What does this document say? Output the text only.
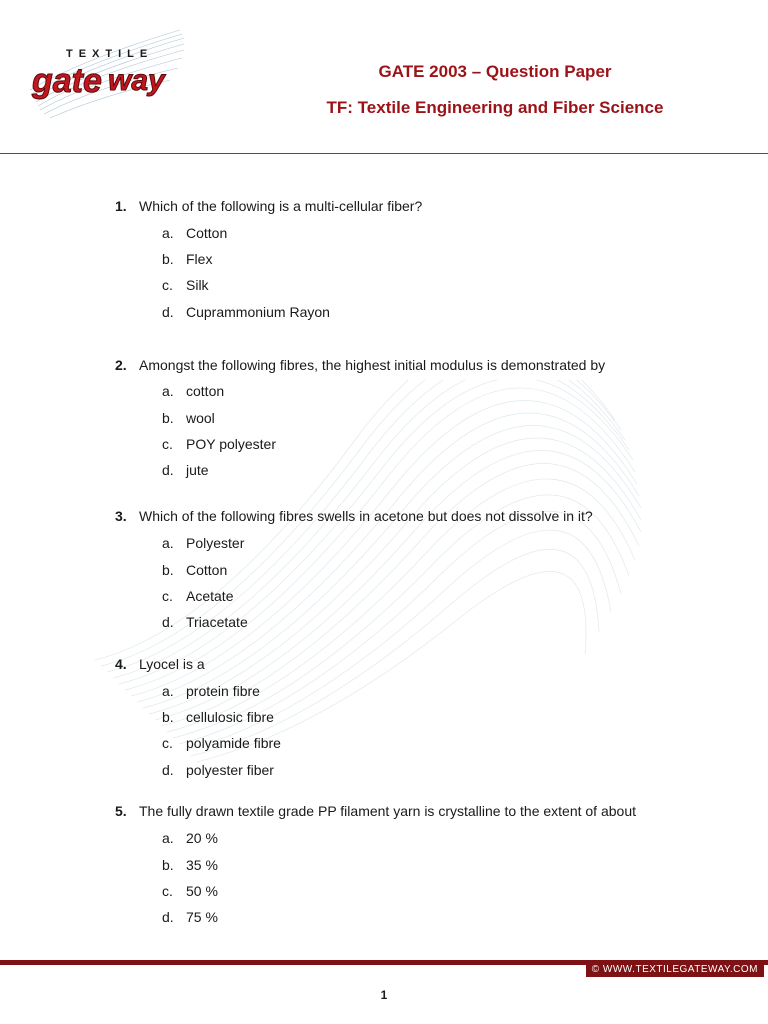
TEXTILE
gate way	GATE 2003 – Question Paper
TF: Textile Engineering and Fiber Science
1. Which of the following is a multi-cellular fiber?
a. Cotton
b. Flex
c. Silk
d. Cuprammonium Rayon
2. Amongst the following fibres, the highest initial modulus is demonstrated by
a. cotton
b. wool
c. POY polyester
d. jute
3. Which of the following fibres swells in acetone but does not dissolve in it?
a. Polyester
b. Cotton
c. Acetate
d. Triacetate
4. Lyocel is a
a. protein fibre
b. cellulosic fibre
c. polyamide fibre
d. polyester fiber
5. The fully drawn textile grade PP filament yarn is crystalline to the extent of about
a. 20 %
b. 35 %
c. 50 %
d. 75 %
© WWW.TEXTILEGATEWAY.COM
1
